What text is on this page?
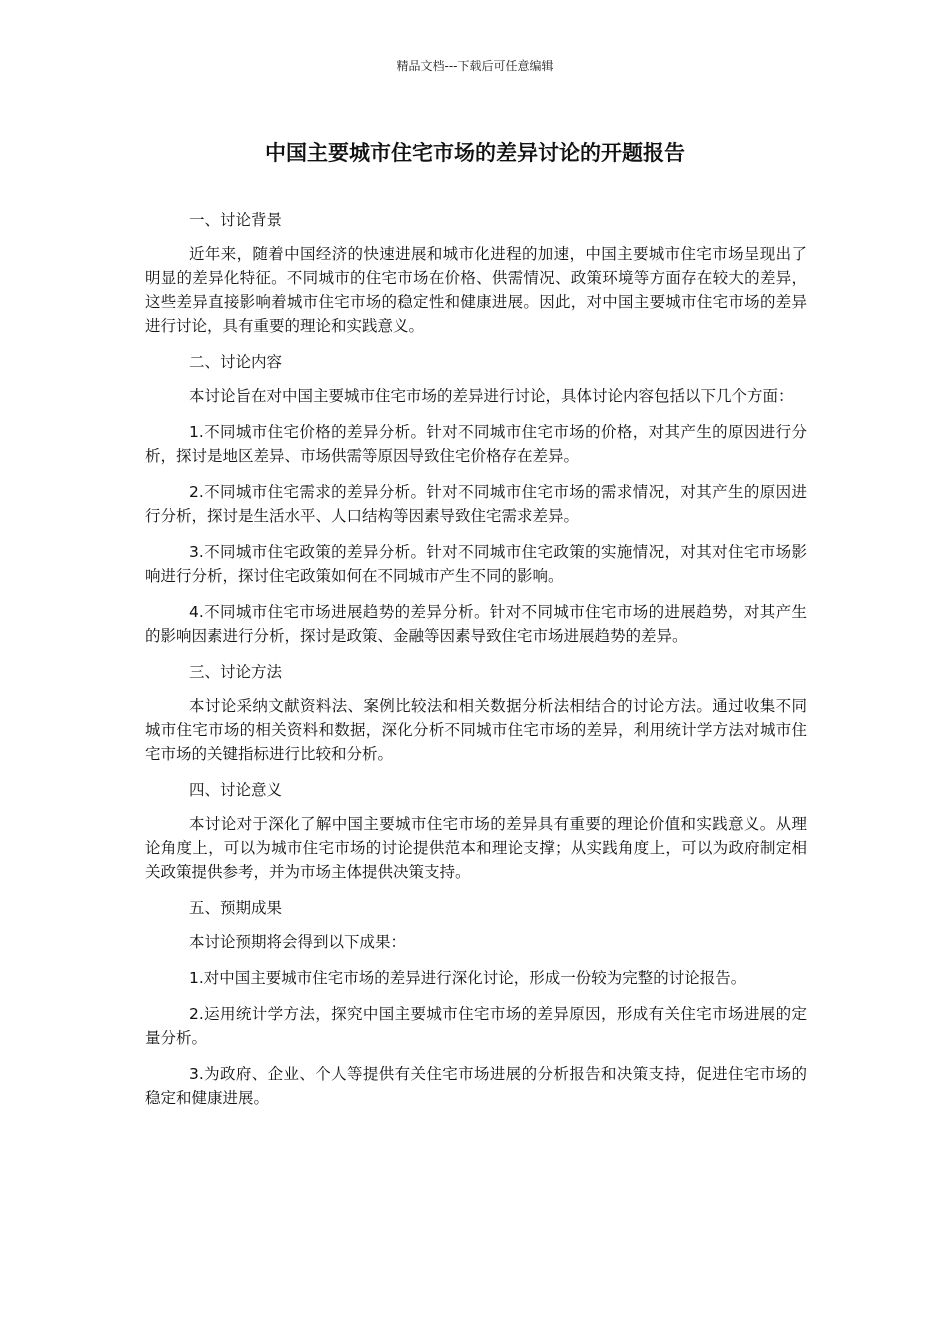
精品文档---下载后可任意编辑
中国主要城市住宅市场的差异讨论的开题报告

一、讨论背景

近年来，随着中国经济的快速进展和城市化进程的加速，中国主要城市住宅市场呈现出了明显的差异化特征。不同城市的住宅市场在价格、供需情况、政策环境等方面存在较大的差异，这些差异直接影响着城市住宅市场的稳定性和健康进展。因此，对中国主要城市住宅市场的差异进行讨论，具有重要的理论和实践意义。

二、讨论内容

本讨论旨在对中国主要城市住宅市场的差异进行讨论，具体讨论内容包括以下几个方面：

1.不同城市住宅价格的差异分析。针对不同城市住宅市场的价格，对其产生的原因进行分析，探讨是地区差异、市场供需等原因导致住宅价格存在差异。

2.不同城市住宅需求的差异分析。针对不同城市住宅市场的需求情况，对其产生的原因进行分析，探讨是生活水平、人口结构等因素导致住宅需求差异。

3.不同城市住宅政策的差异分析。针对不同城市住宅政策的实施情况，对其对住宅市场影响进行分析，探讨住宅政策如何在不同城市产生不同的影响。

4.不同城市住宅市场进展趋势的差异分析。针对不同城市住宅市场的进展趋势，对其产生的影响因素进行分析，探讨是政策、金融等因素导致住宅市场进展趋势的差异。

三、讨论方法

本讨论采纳文献资料法、案例比较法和相关数据分析法相结合的讨论方法。通过收集不同城市住宅市场的相关资料和数据，深化分析不同城市住宅市场的差异，利用统计学方法对城市住宅市场的关键指标进行比较和分析。

四、讨论意义

本讨论对于深化了解中国主要城市住宅市场的差异具有重要的理论价值和实践意义。从理论角度上，可以为城市住宅市场的讨论提供范本和理论支撑；从实践角度上，可以为政府制定相关政策提供参考，并为市场主体提供决策支持。

五、预期成果

本讨论预期将会得到以下成果：

1.对中国主要城市住宅市场的差异进行深化讨论，形成一份较为完整的讨论报告。

2.运用统计学方法，探究中国主要城市住宅市场的差异原因，形成有关住宅市场进展的定量分析。

3.为政府、企业、个人等提供有关住宅市场进展的分析报告和决策支持，促进住宅市场的稳定和健康进展。
